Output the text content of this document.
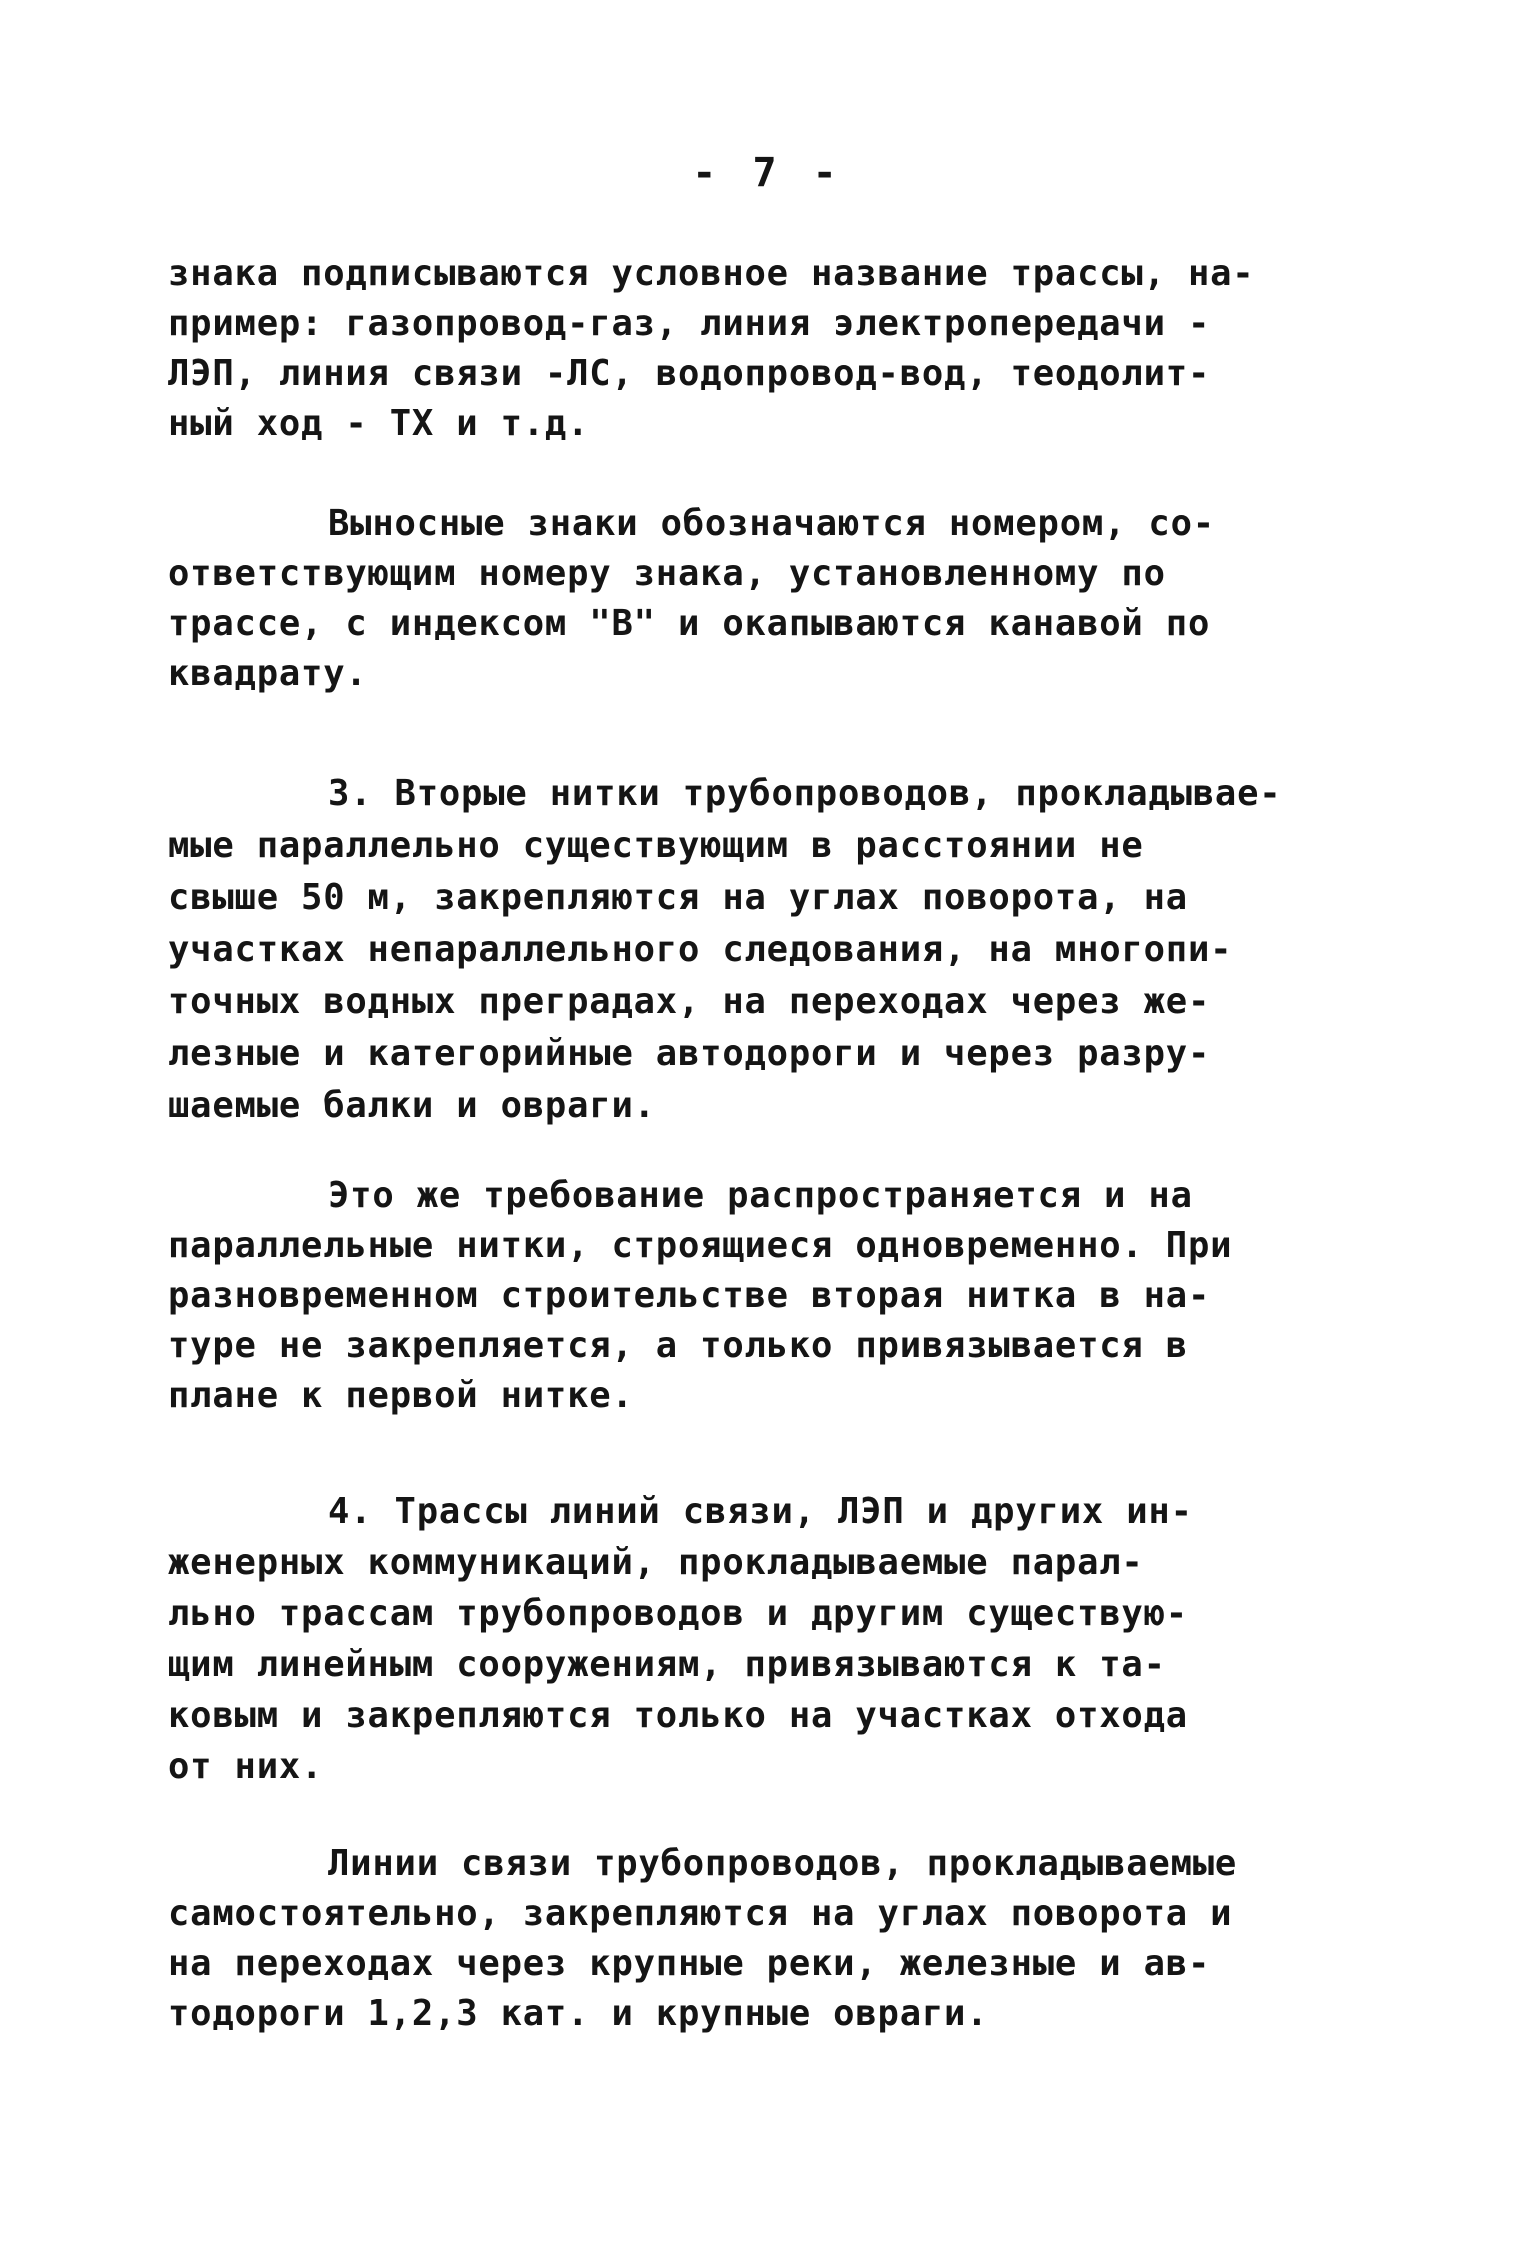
- 7 -
знака подписываются условное название трассы, на-
пример: газопровод-газ, линия электропередачи -
ЛЭП, линия связи -ЛС, водопровод-вод, теодолит-
ный ход - ТХ и т.д.
Выносные знаки обозначаются номером, со-
ответствующим номеру знака, установленному по
трассе, с индексом "В" и окапываются канавой по
квадрату.
3. Вторые нитки трубопроводов, прокладывае-
мые параллельно существующим в расстоянии не
свыше 50 м, закрепляются на углах поворота, на
участках непараллельного следования, на многопи-
точных водных преградах, на переходах через же-
лезные и категорийные автодороги и через разру-
шаемые балки и овраги.
Это же требование распространяется и на
параллельные нитки, строящиеся одновременно. При
разновременном строительстве вторая нитка в на-
туре не закрепляется, а только привязывается в
плане к первой нитке.
4. Трассы линий связи, ЛЭП и других ин-
женерных коммуникаций, прокладываемые парал-
льно трассам трубопроводов и другим существую-
щим линейным сооружениям, привязываются к та-
ковым и закрепляются только на участках отхода
от них.
Линии связи трубопроводов, прокладываемые
самостоятельно, закрепляются на углах поворота и
на переходах через крупные реки, железные и ав-
тодороги 1,2,3 кат. и крупные овраги.
